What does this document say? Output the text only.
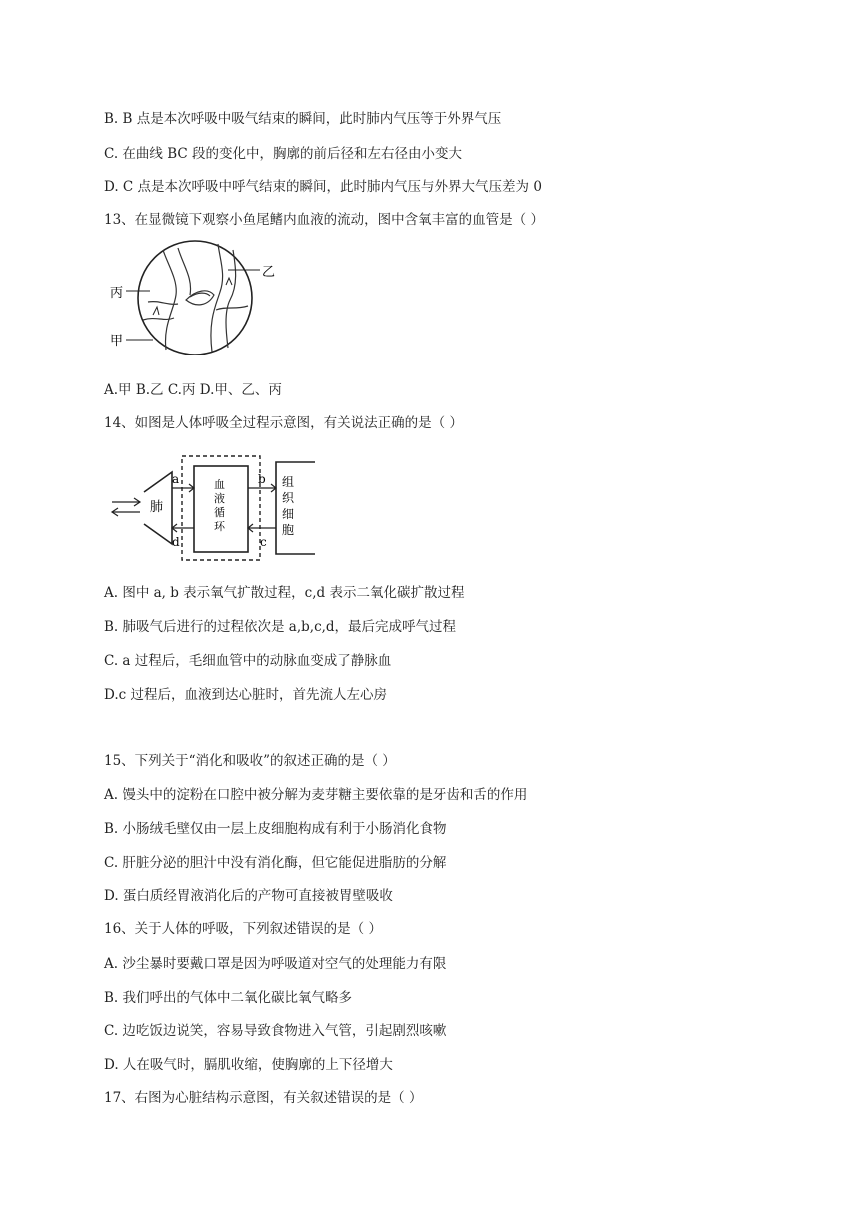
B. B 点是本次呼吸中吸气结束的瞬间，此时肺内气压等于外界气压
C. 在曲线 BC 段的变化中，胸廓的前后径和左右径由小变大
D. C 点是本次呼吸中呼气结束的瞬间，此时肺内气压与外界大气压差为 0
13、在显微镜下观察小鱼尾鳍内血液的流动，图中含氧丰富的血管是（ ）
乙
丙
甲
A.甲 B.乙 C.丙 D.甲、乙、丙
14、如图是人体呼吸全过程示意图，有关说法正确的是（ ）
肺
血
液
循
环
组
织
细
胞
a
d
b
c
A. 图中 a, b 表示氧气扩散过程，c,d 表示二氧化碳扩散过程
B. 肺吸气后进行的过程依次是 a,b,c,d，最后完成呼气过程
C. a 过程后，毛细血管中的动脉血变成了静脉血
D.c 过程后，血液到达心脏时，首先流人左心房
15、下列关于“消化和吸收”的叙述正确的是（ ）
A. 馒头中的淀粉在口腔中被分解为麦芽糖主要依靠的是牙齿和舌的作用
B. 小肠绒毛壁仅由一层上皮细胞构成有利于小肠消化食物
C. 肝脏分泌的胆汁中没有消化酶，但它能促进脂肪的分解
D. 蛋白质经胃液消化后的产物可直接被胃壁吸收
16、关于人体的呼吸，下列叙述错误的是（ ）
A. 沙尘暴时要戴口罩是因为呼吸道对空气的处理能力有限
B. 我们呼出的气体中二氧化碳比氧气略多
C. 边吃饭边说笑，容易导致食物进入气管，引起剧烈咳嗽
D. 人在吸气时，膈肌收缩，使胸廓的上下径增大
17、右图为心脏结构示意图，有关叙述错误的是（ ）
